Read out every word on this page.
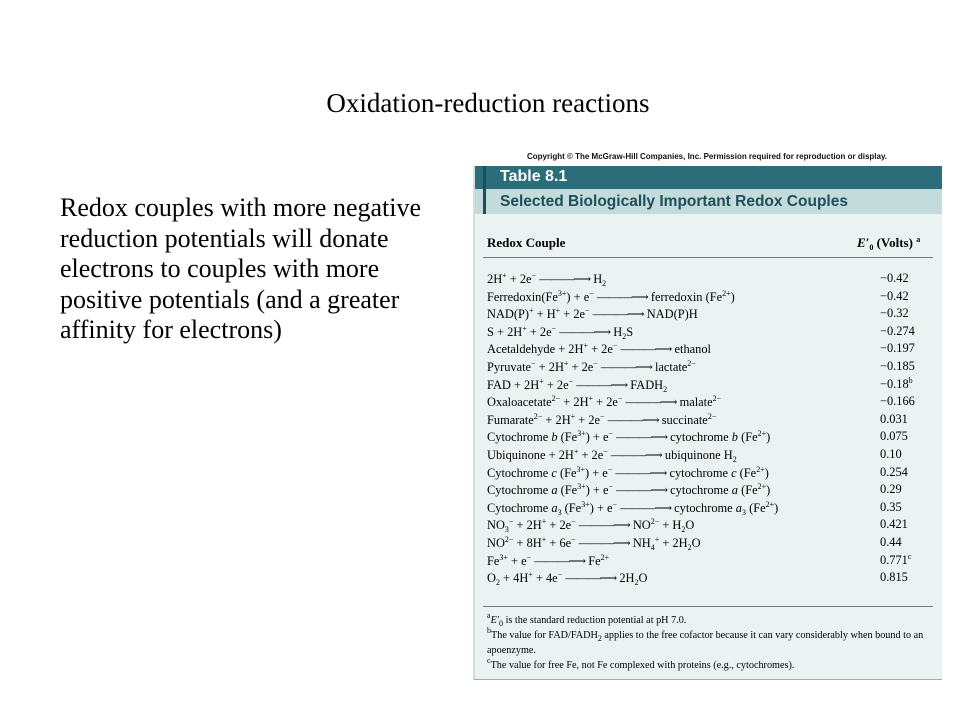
Oxidation-reduction reactions
Redox couples with more negative reduction potentials will donate electrons to couples with more positive potentials (and a greater affinity for electrons)
Copyright © The McGraw-Hill Companies, Inc. Permission required for reproduction or display.
Table 8.1
Selected Biologically Important Redox Couples
Redox Couple	$E'_0$ (Volts) $^a$
2H+ + 2e− ———⟶ $H_2$	−0.42
$Ferredoxin(Fe^{3+}) + e^-$ ———⟶ ferredoxin $(Fe^{2+})$	−0.42
NAD(P)+ + H+ + 2e− ———⟶ NAD(P)H	−0.32
S + 2H+ + 2e− ———⟶ $H_2S$	−0.274
Acetaldehyde + 2H+ + 2e− ———⟶ ethanol	−0.197
Pyruvate− + 2H+ + 2e− ———⟶ lactate$^{2-}$	−0.185
FAD + 2H+ + 2e− ———⟶ $FADH_2$	−0.18$^b$
Oxaloacetate$^{2-}$ + 2H+ + 2e− ———⟶ malate$^{2-}$	−0.166
Fumarate$^{2-}$ + 2H+ + 2e− ———⟶ succinate$^{2-}$	0.031
Cytochrome b $(Fe^{3+}) + e^-$ ———⟶ cytochrome b $(Fe^{2+})$	0.075
Ubiquinone + 2H+ + 2e− ———⟶ ubiquinone $H_2$	0.10
Cytochrome c $(Fe^{3+}) + e^-$ ———⟶ cytochrome c $(Fe^{2+})$	0.254
Cytochrome a $(Fe^{3+}) + e^-$ ———⟶ cytochrome a $(Fe^{2+})$	0.29
Cytochrome $a_3$ $(Fe^{3+}) + e^-$ ———⟶ cytochrome $a_3$ $(Fe^{2+})$	0.35
$NO_3^- + 2H^+ + 2e^-$ ———⟶ $NO^{2-} + H_2O$	0.421
$NO^{2-} + 8H^+ + 6e^-$ ———⟶ $NH_4^+ + 2H_2O$	0.44
$Fe^{3+} + e^-$ ———⟶ $Fe^{2+}$	0.771$^c$
$O_2 + 4H^+ + 4e^-$ ———⟶ $2H_2O$	0.815
$^aE'_0$ is the standard reduction potential at pH 7.0.
$^b$The value for FAD/$FADH_2$ applies to the free cofactor because it can vary considerably when bound to an apoenzyme.
$^c$The value for free Fe, not Fe complexed with proteins (e.g., cytochromes).
